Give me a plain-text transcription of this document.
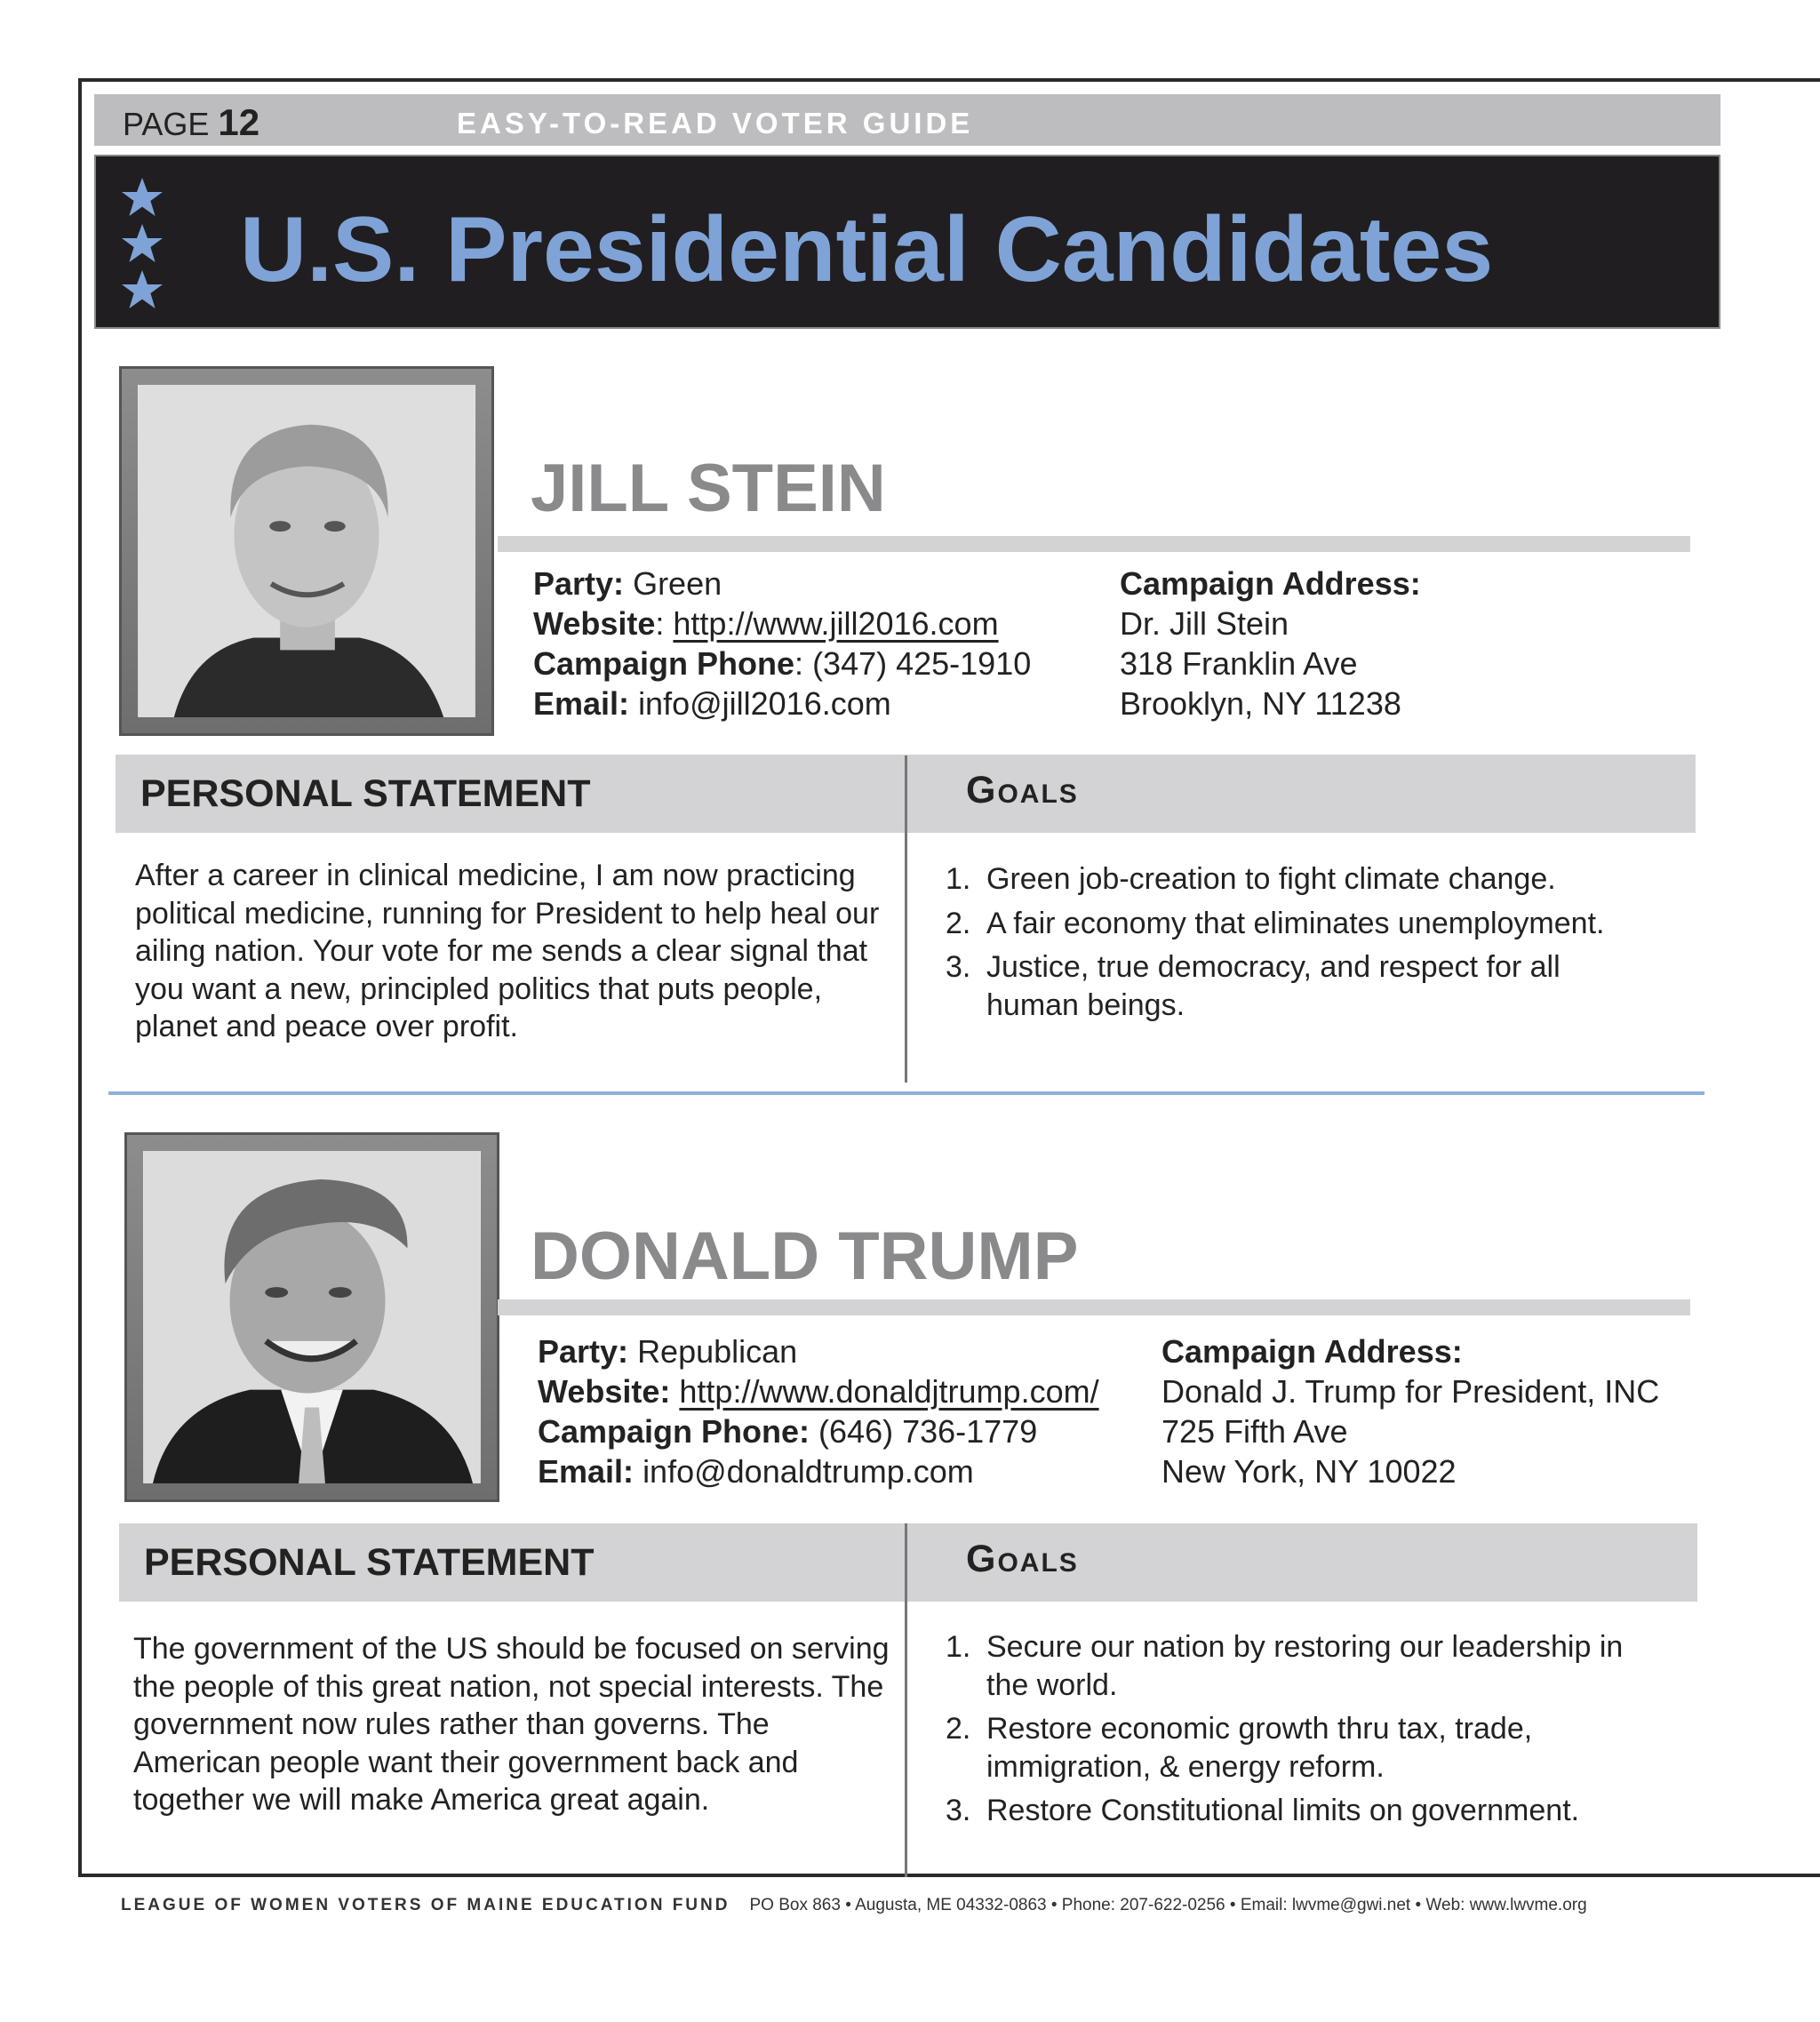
PAGE 12	EASY-TO-READ VOTER GUIDE
U.S. Presidential Candidates
JILL STEIN
Party: Green
Website: http://www.jill2016.com
Campaign Phone: (347) 425-1910
Email: info@jill2016.com
Campaign Address:
Dr. Jill Stein
318 Franklin Ave
Brooklyn, NY 11238
PERSONAL STATEMENT	Goals
After a career in clinical medicine, I am now practicing political medicine, running for President to help heal our ailing nation. Your vote for me sends a clear signal that you want a new, principled politics that puts people, planet and peace over profit.
1. Green job-creation to fight climate change.
2. A fair economy that eliminates unemployment.
3. Justice, true democracy, and respect for all human beings.
DONALD TRUMP
Party: Republican
Website: http://www.donaldjtrump.com/
Campaign Phone: (646) 736-1779
Email: info@donaldtrump.com
Campaign Address:
Donald J. Trump for President, INC
725 Fifth Ave
New York, NY 10022
PERSONAL STATEMENT	Goals
The government of the US should be focused on serving the people of this great nation, not special interests. The government now rules rather than governs. The American people want their government back and together we will make America great again.
1. Secure our nation by restoring our leadership in the world.
2. Restore economic growth thru tax, trade, immigration, & energy reform.
3. Restore Constitutional limits on government.
LEAGUE OF WOMEN VOTERS OF MAINE EDUCATION FUND PO Box 863 • Augusta, ME 04332-0863 • Phone: 207-622-0256 • Email: lwvme@gwi.net • Web: www.lwvme.org
